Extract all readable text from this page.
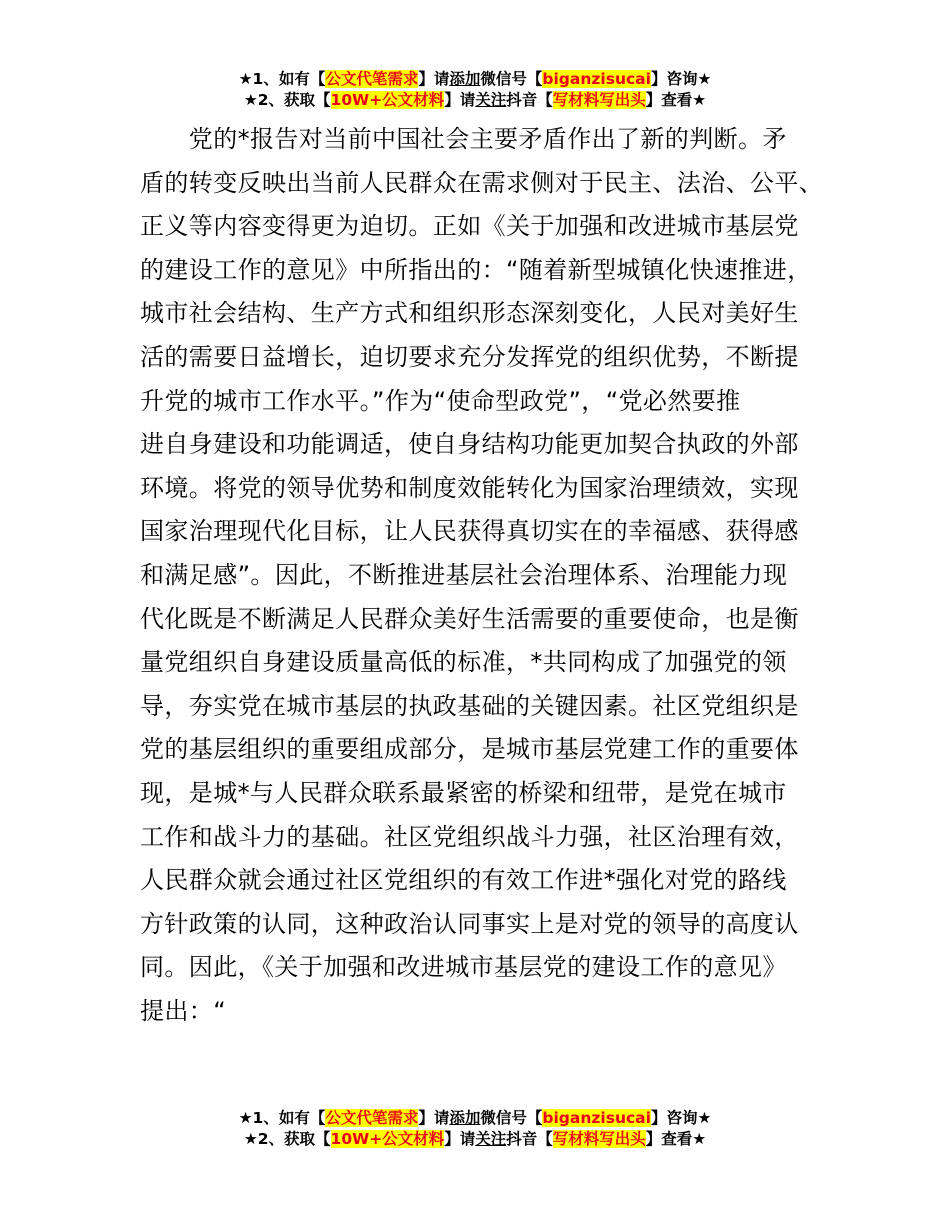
★1、如有【公文代笔需求】请添加微信号【biganzisucai】咨询★
★2、获取【10W+公文材料】请关注抖音【写材料写出头】查看★
　　党的*报告对当前中国社会主要矛盾作出了新的判断。矛
盾的转变反映出当前人民群众在需求侧对于民主、法治、公平、
正义等内容变得更为迫切。正如《关于加强和改进城市基层党
的建设工作的意见》中所指出的：“随着新型城镇化快速推进，
城市社会结构、生产方式和组织形态深刻变化，人民对美好生
活的需要日益增长，迫切要求充分发挥党的组织优势，不断提
升党的城市工作水平。”作为“使命型政党”，“党必然要推
进自身建设和功能调适，使自身结构功能更加契合执政的外部
环境。将党的领导优势和制度效能转化为国家治理绩效，实现
国家治理现代化目标，让人民获得真切实在的幸福感、获得感
和满足感”。因此，不断推进基层社会治理体系、治理能力现
代化既是不断满足人民群众美好生活需要的重要使命，也是衡
量党组织自身建设质量高低的标准，*共同构成了加强党的领
导，夯实党在城市基层的执政基础的关键因素。社区党组织是
党的基层组织的重要组成部分，是城市基层党建工作的重要体
现，是城*与人民群众联系最紧密的桥梁和纽带，是党在城市
工作和战斗力的基础。社区党组织战斗力强，社区治理有效，
人民群众就会通过社区党组织的有效工作进*强化对党的路线
方针政策的认同，这种政治认同事实上是对党的领导的高度认
同。因此，《关于加强和改进城市基层党的建设工作的意见》
提出：“
★1、如有【公文代笔需求】请添加微信号【biganzisucai】咨询★
★2、获取【10W+公文材料】请关注抖音【写材料写出头】查看★
